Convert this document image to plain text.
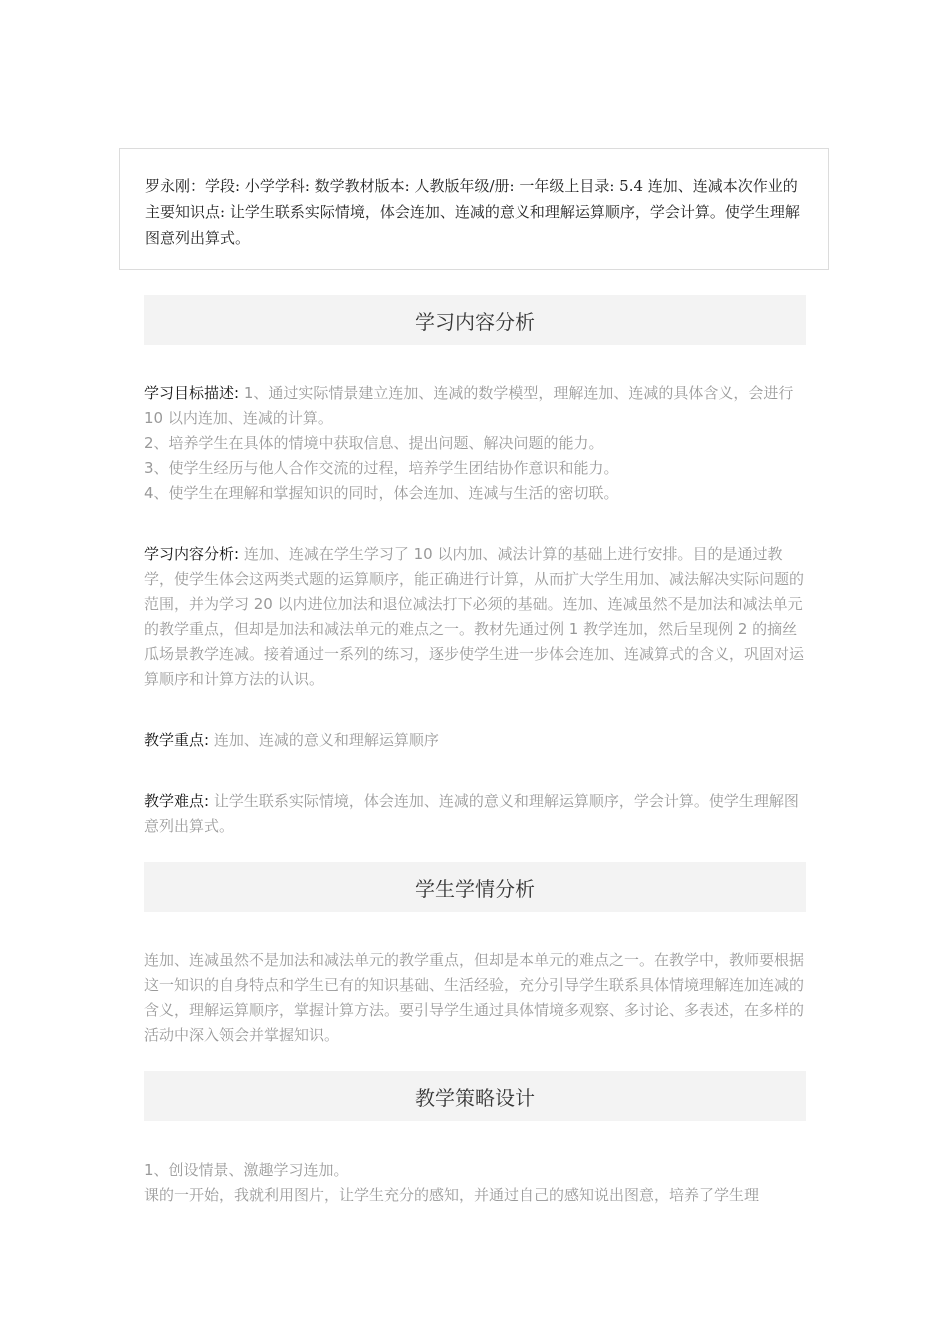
罗永刚：学段: 小学学科: 数学教材版本: 人教版年级/册: 一年级上目录: 5.4 连加、连减本次作业的主要知识点: 让学生联系实际情境，体会连加、连减的意义和理解运算顺序，学会计算。使学生理解图意列出算式。
学习内容分析

学习目标描述: 1、通过实际情景建立连加、连减的数学模型，理解连加、连减的具体含义，会进行 10 以内连加、连减的计算。

2、培养学生在具体的情境中获取信息、提出问题、解决问题的能力。

3、使学生经历与他人合作交流的过程，培养学生团结协作意识和能力。

4、使学生在理解和掌握知识的同时，体会连加、连减与生活的密切联。

学习内容分析: 连加、连减在学生学习了 10 以内加、减法计算的基础上进行安排。目的是通过教学，使学生体会这两类式题的运算顺序，能正确进行计算，从而扩大学生用加、减法解决实际问题的范围，并为学习 20 以内进位加法和退位减法打下必须的基础。连加、连减虽然不是加法和减法单元的教学重点，但却是加法和减法单元的难点之一。教材先通过例 1 教学连加，然后呈现例 2 的摘丝瓜场景教学连减。接着通过一系列的练习，逐步使学生进一步体会连加、连减算式的含义，巩固对运算顺序和计算方法的认识。

教学重点: 连加、连减的意义和理解运算顺序

教学难点: 让学生联系实际情境，体会连加、连减的意义和理解运算顺序，学会计算。使学生理解图意列出算式。

学生学情分析

连加、连减虽然不是加法和减法单元的教学重点，但却是本单元的难点之一。在教学中，教师要根据这一知识的自身特点和学生已有的知识基础、生活经验，充分引导学生联系具体情境理解连加连减的含义，理解运算顺序，掌握计算方法。要引导学生通过具体情境多观察、多讨论、多表述，在多样的活动中深入领会并掌握知识。

教学策略设计

1、创设情景、激趣学习连加。

课的一开始，我就利用图片，让学生充分的感知，并通过自己的感知说出图意，培养了学生理
